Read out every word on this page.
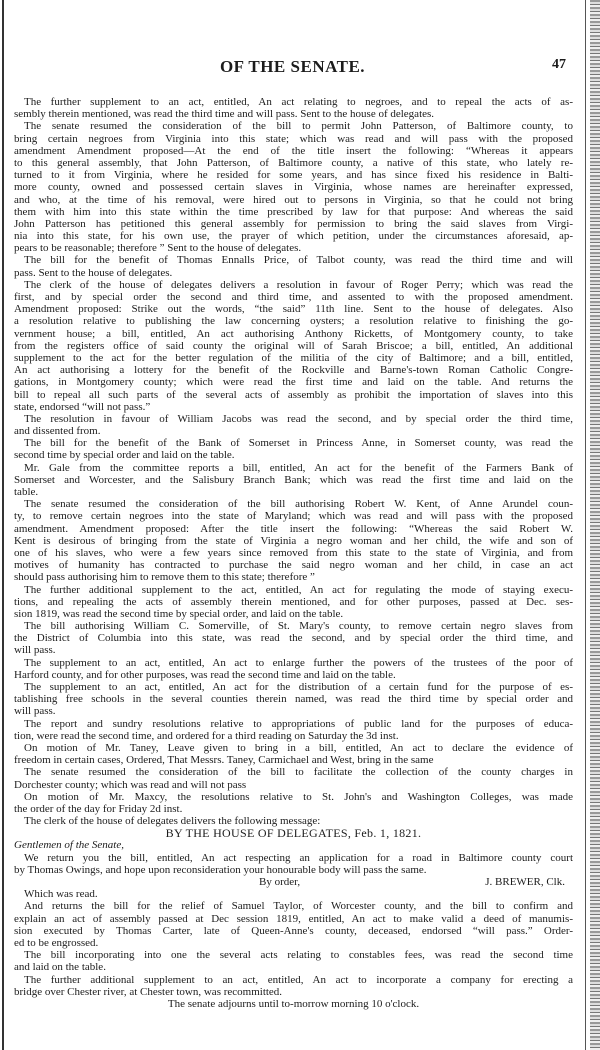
OF THE SENATE.	47
The further supplement to an act, entitled, An act relating to negroes, and to repeal the acts of as-
sembly therein mentioned, was read the third time and will pass. Sent to the house of delegates.
The senate resumed the consideration of the bill to permit John Patterson, of Baltimore county, to
bring certain negroes from Virginia into this state; which was read and will pass with the proposed
amendment Amendment proposed—At the end of the title insert the following: “Whereas it appears
to this general assembly, that John Patterson, of Baltimore county, a native of this state, who lately re-
turned to it from Virginia, where he resided for some years, and has since fixed his residence in Balti-
more county, owned and possessed certain slaves in Virginia, whose names are hereinafter expressed,
and who, at the time of his removal, were hired out to persons in Virginia, so that he could not bring
them with him into this state within the time prescribed by law for that purpose: And whereas the said
John Patterson has petitioned this general assembly for permission to bring the said slaves from Virgi-
nia into this state, for his own use, the prayer of which petition, under the circumstances aforesaid, ap-
pears to be reasonable; therefore ” Sent to the house of delegates.
The bill for the benefit of Thomas Ennalls Price, of Talbot county, was read the third time and will
pass. Sent to the house of delegates.
The clerk of the house of delegates delivers a resolution in favour of Roger Perry; which was read the
first, and by special order the second and third time, and assented to with the proposed amendment.
Amendment proposed: Strike out the words, “the said” 11th line. Sent to the house of delegates. Also
a resolution relative to publishing the law concerning oysters; a resolution relative to finishing the go-
vernment house; a bill, entitled, An act authorising Anthony Ricketts, of Montgomery county, to take
from the registers office of said county the original will of Sarah Briscoe; a bill, entitled, An additional
supplement to the act for the better regulation of the militia of the city of Baltimore; and a bill, entitled,
An act authorising a lottery for the benefit of the Rockville and Barne's-town Roman Catholic Congre-
gations, in Montgomery county; which were read the first time and laid on the table. And returns the
bill to repeal all such parts of the several acts of assembly as prohibit the importation of slaves into this
state, endorsed “will not pass.”
The resolution in favour of William Jacobs was read the second, and by special order the third time,
and dissented from.
The bill for the benefit of the Bank of Somerset in Princess Anne, in Somerset county, was read the
second time by special order and laid on the table.
Mr. Gale from the committee reports a bill, entitled, An act for the benefit of the Farmers Bank of
Somerset and Worcester, and the Salisbury Branch Bank; which was read the first time and laid on the
table.
The senate resumed the consideration of the bill authorising Robert W. Kent, of Anne Arundel coun-
ty, to remove certain negroes into the state of Maryland; which was read and will pass with the proposed
amendment. Amendment proposed: After the title insert the following: “Whereas the said Robert W.
Kent is desirous of bringing from the state of Virginia a negro woman and her child, the wife and son of
one of his slaves, who were a few years since removed from this state to the state of Virginia, and from
motives of humanity has contracted to purchase the said negro woman and her child, in case an act
should pass authorising him to remove them to this state; therefore ”
The further additional supplement to the act, entitled, An act for regulating the mode of staying execu-
tions, and repealing the acts of assembly therein mentioned, and for other purposes, passed at Dec. ses-
sion 1819, was read the second time by special order, and laid on the table.
The bill authorising William C. Somerville, of St. Mary's county, to remove certain negro slaves from
the District of Columbia into this state, was read the second, and by special order the third time, and
will pass.
The supplement to an act, entitled, An act to enlarge further the powers of the trustees of the poor of
Harford county, and for other purposes, was read the second time and laid on the table.
The supplement to an act, entitled, An act for the distribution of a certain fund for the purpose of es-
tablishing free schools in the several counties therein named, was read the third time by special order and
will pass.
The report and sundry resolutions relative to appropriations of public land for the purposes of educa-
tion, were read the second time, and ordered for a third reading on Saturday the 3d inst.
On motion of Mr. Taney, Leave given to bring in a bill, entitled, An act to declare the evidence of
freedom in certain cases, Ordered, That Messrs. Taney, Carmichael and West, bring in the same
The senate resumed the consideration of the bill to facilitate the collection of the county charges in
Dorchester county; which was read and will not pass
On motion of Mr. Maxcy, the resolutions relative to St. John's and Washington Colleges, was made
the order of the day for Friday 2d inst.
The clerk of the house of delegates delivers the following message:
BY THE HOUSE OF DELEGATES, Feb. 1, 1821.
Gentlemen of the Senate,
We return you the bill, entitled, An act respecting an application for a road in Baltimore county court
by Thomas Owings, and hope upon reconsideration your honourable body will pass the same.
By order,	J. BREWER, Clk.
Which was read.
And returns the bill for the relief of Samuel Taylor, of Worcester county, and the bill to confirm and
explain an act of assembly passed at Dec session 1819, entitled, An act to make valid a deed of manumis-
sion executed by Thomas Carter, late of Queen-Anne's county, deceased, endorsed “will pass.” Order-
ed to be engrossed.
The bill incorporating into one the several acts relating to constables fees, was read the second time
and laid on the table.
The further additional supplement to an act, entitled, An act to incorporate a company for erecting a
bridge over Chester river, at Chester town, was recommitted.
The senate adjourns until to-morrow morning 10 o'clock.
